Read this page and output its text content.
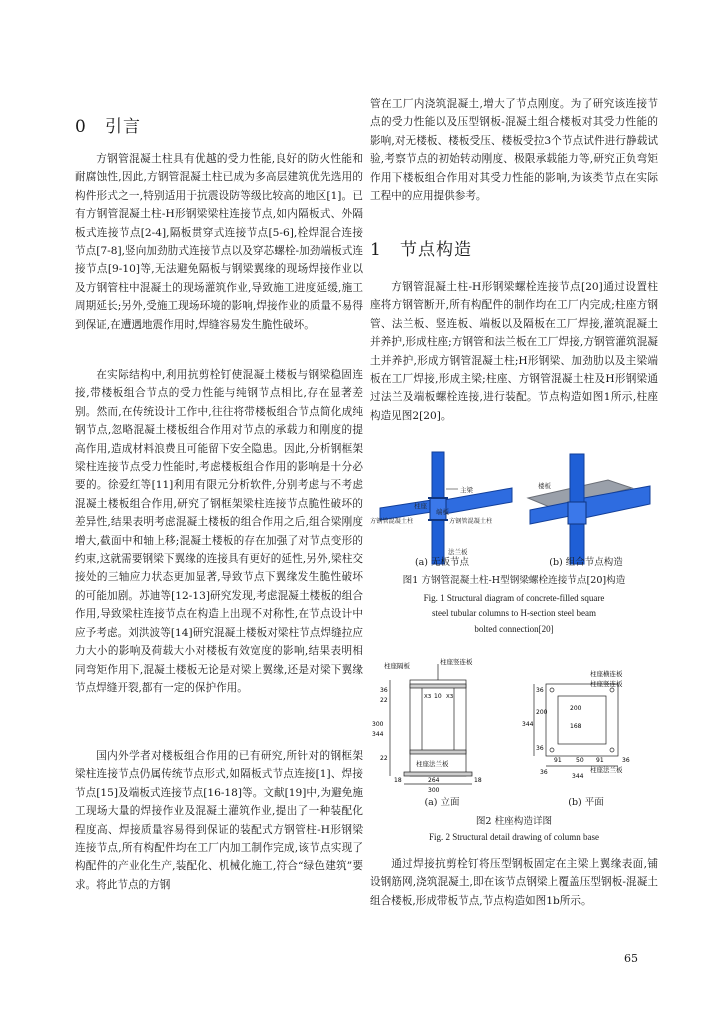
0 引言

方钢管混凝土柱具有优越的受力性能,良好的防火性能和耐腐蚀性,因此,方钢管混凝土柱已成为多高层建筑优先选用的构件形式之一,特别适用于抗震设防等级比较高的地区[1]。已有方钢管混凝土柱-H形钢梁梁柱连接节点,如内隔板式、外隔板式连接节点[2-4],隔板贯穿式连接节点[5-6],栓焊混合连接节点[7-8],竖向加劲肋式连接节点以及穿芯螺栓-加劲端板式连接节点[9-10]等,无法避免隔板与钢梁翼缘的现场焊接作业以及方钢管柱中混凝土的现场灌筑作业,导致施工进度延缓,施工周期延长;另外,受施工现场环境的影响,焊接作业的质量不易得到保证,在遭遇地震作用时,焊缝容易发生脆性破坏。

在实际结构中,利用抗剪栓钉使混凝土楼板与钢梁稳固连接,带楼板组合节点的受力性能与纯钢节点相比,存在显著差别。然而,在传统设计工作中,往往将带楼板组合节点简化成纯钢节点,忽略混凝土楼板组合作用对节点的承载力和刚度的提高作用,造成材料浪费且可能留下安全隐患。因此,分析钢框架梁柱连接节点受力性能时,考虑楼板组合作用的影响是十分必要的。徐爱红等[11]利用有限元分析软件,分别考虑与不考虑混凝土楼板组合作用,研究了钢框架梁柱连接节点脆性破坏的差异性,结果表明考虑混凝土楼板的组合作用之后,组合梁刚度增大,截面中和轴上移;混凝土楼板的存在加强了对节点变形的约束,这就需要钢梁下翼缘的连接具有更好的延性,另外,梁柱交接处的三轴应力状态更加显著,导致节点下翼缘发生脆性破坏的可能加剧。苏迪等[12-13]研究发现,考虑混凝土楼板的组合作用,导致梁柱连接节点在构造上出现不对称性,在节点设计中应予考虑。刘洪波等[14]研究混凝土楼板对梁柱节点焊缝拉应力大小的影响及荷载大小对楼板有效宽度的影响,结果表明相同弯矩作用下,混凝土楼板无论是对梁上翼缘,还是对梁下翼缘节点焊缝开裂,都有一定的保护作用。

国内外学者对楼板组合作用的已有研究,所针对的钢框架梁柱连接节点仍属传统节点形式,如隔板式节点连接[1]、焊接节点[15]及端板式连接节点[16-18]等。文献[19]中,为避免施工现场大量的焊接作业及混凝土灌筑作业,提出了一种装配化程度高、焊接质量容易得到保证的装配式方钢管柱-H形钢梁连接节点,所有构配件均在工厂内加工制作完成,该节点实现了构配件的产业化生产,装配化、机械化施工,符合“绿色建筑”要求。将此节点的方钢

管在工厂内浇筑混凝土,增大了节点刚度。为了研究该连接节点的受力性能以及压型钢板-混凝土组合楼板对其受力性能的影响,对无楼板、楼板受压、楼板受拉3个节点试件进行静载试验,考察节点的初始转动刚度、极限承载能力等,研究正负弯矩作用下楼板组合作用对其受力性能的影响,为该类节点在实际工程中的应用提供参考。

1 节点构造

方钢管混凝土柱-H形钢梁螺栓连接节点[20]通过设置柱座将方钢管断开,所有构配件的制作均在工厂内完成;柱座方钢管、法兰板、竖连板、端板以及隔板在工厂焊接,灌筑混凝土并养护,形成柱座;方钢管和法兰板在工厂焊接,方钢管灌筑混凝土并养护,形成方钢管混凝土柱;H形钢梁、加劲肋以及主梁端板在工厂焊接,形成主梁;柱座、方钢管混凝土柱及H形钢梁通过法兰及端板螺栓连接,进行装配。节点构造如图1所示,柱座构造见图2[20]。

主梁
柱座
端板
方钢管混凝土柱	方钢管混凝土柱
法兰板
楼板
(a) 无板节点	(b) 组合节点构造

图1 方钢管混凝土柱-H型钢梁螺栓连接节点[20]构造

Fig. 1 Structural diagram of concrete-filled square

steel tubular columns to H-section steel beam

bolted connection[20]

柱座隔板	柱座竖连板
柱座法兰板
36
22
300
344
22
10
18	264	18
300
X3	X3
柱座横连板
柱座竖连板
柱座法兰板
36
200
344
36
200
168
91 50 91
344
36
36
(a) 立面	(b) 平面

图2 柱座构造详图

Fig. 2 Structural detail drawing of column base

通过焊接抗剪栓钉将压型钢板固定在主梁上翼缘表面,铺设钢筋网,浇筑混凝土,即在该节点钢梁上覆盖压型钢板-混凝土组合楼板,形成带板节点,节点构造如图1b所示。

65
